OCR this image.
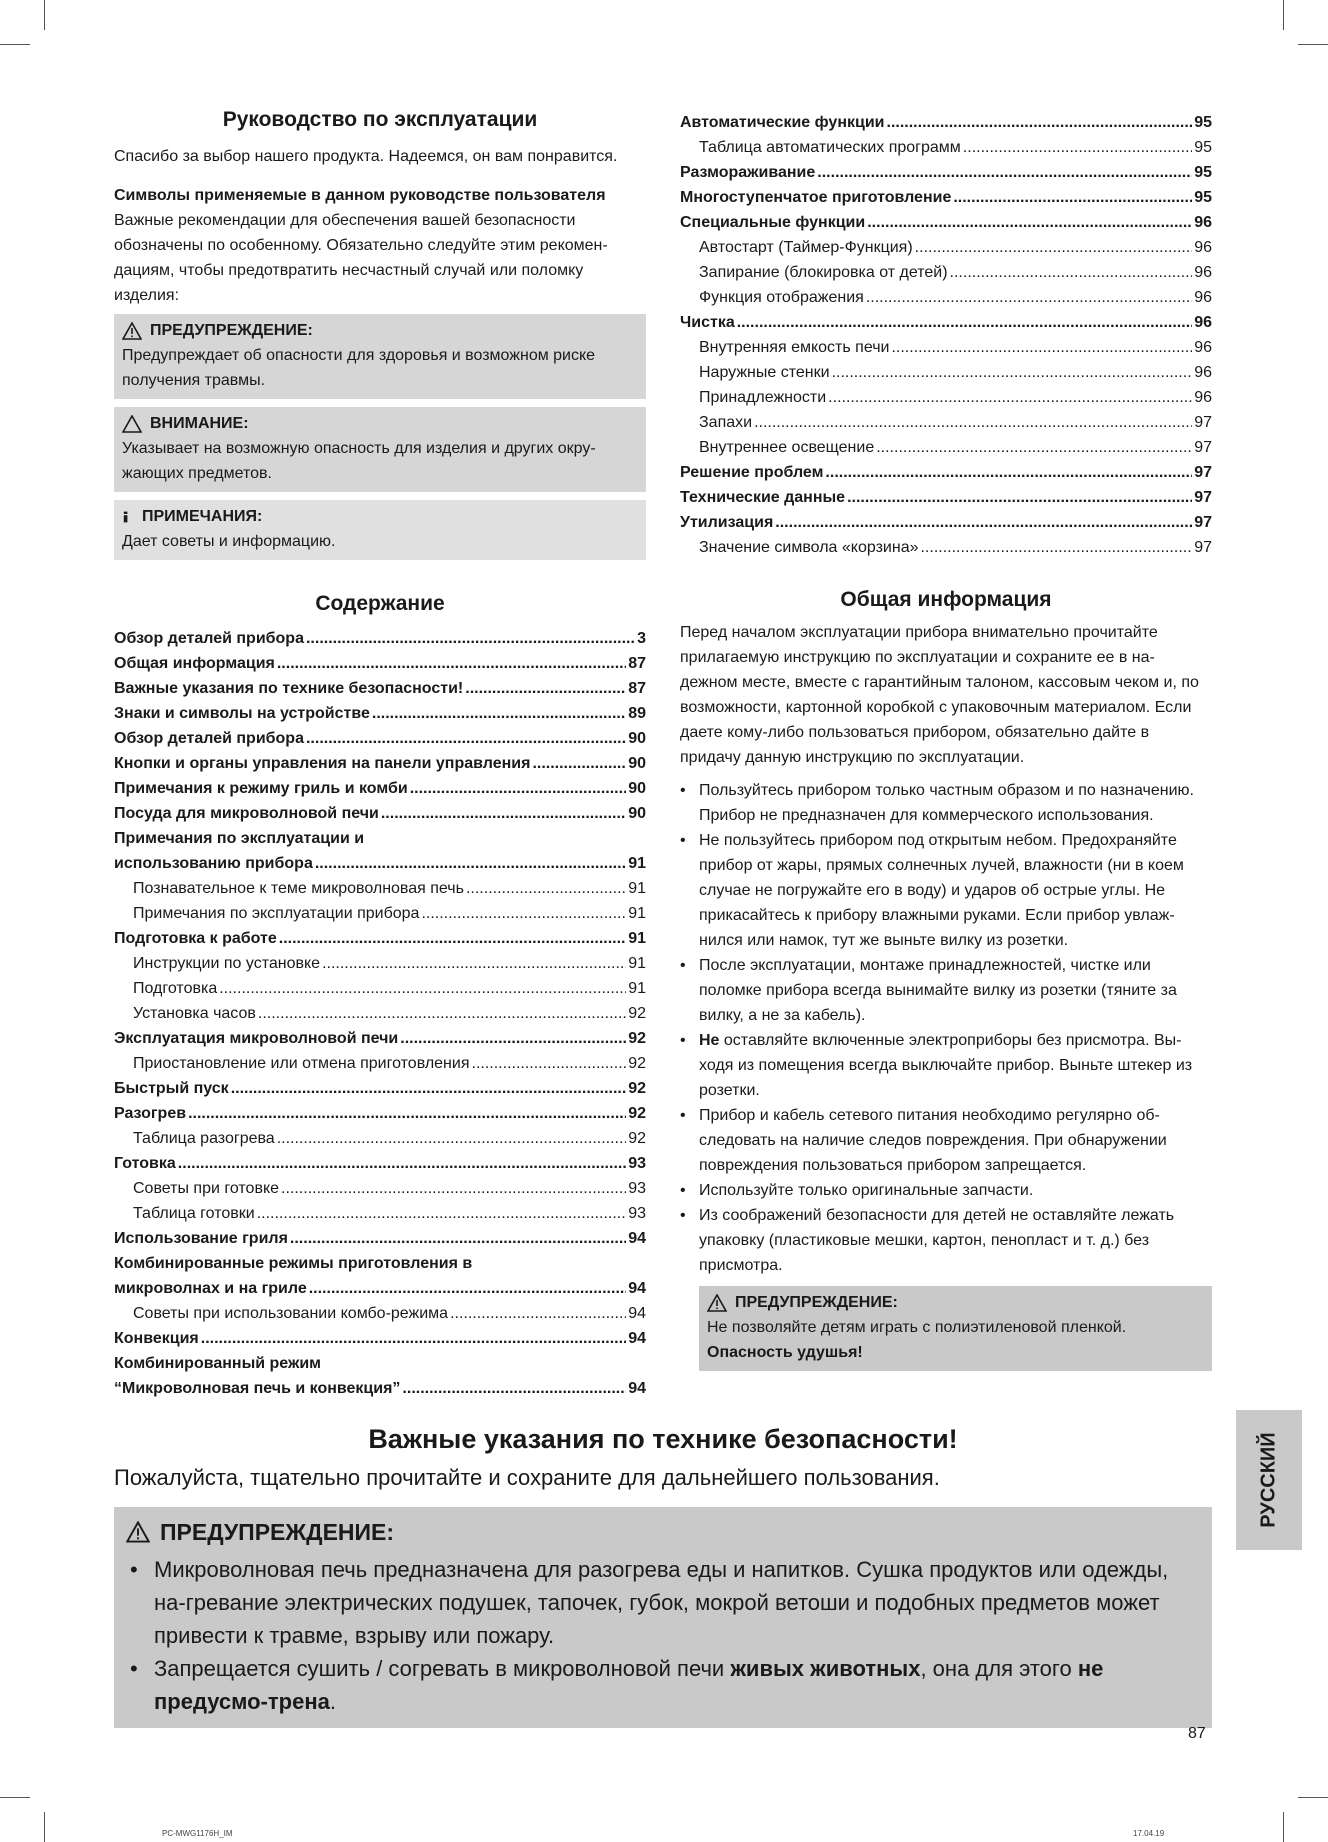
Руководство по эксплуатации

Спасибо за выбор нашего продукта. Надеемся, он вам понравится.

Символы применяемые в данном руководстве пользователя

Важные рекомендации для обеспечения вашей безопасности обозначены по особенному. Обязательно следуйте этим рекомен-дациям, чтобы предотвратить несчастный случай или поломку изделия:

ПРЕДУПРЕЖДЕНИЕ:
Предупреждает об опасности для здоровья и возможном риске получения травмы.
ВНИМАНИЕ:
Указывает на возможную опасность для изделия и других окру-жающих предметов.
ПРИМЕЧАНИЯ:
Дает советы и информацию.
Содержание
Обзор деталей прибора .....	3
Общая информация .....	87
Важные указания по технике безопасности! .....	87
Знаки и символы на устройстве .....	89
Обзор деталей прибора .....	90
Кнопки и органы управления на панели управления .....	90
Примечания к режиму гриль и комби .....	90
Посуда для микроволновой печи .....	90
Примечания по эксплуатации и
использованию прибора .....	91
Познавательное к теме микроволновая печь .....	91
Примечания по эксплуатации прибора .....	91
Подготовка к работе .....	91
Инструкции по установке .....	91
Подготовка .....	91
Установка часов .....	92
Эксплуатация микроволновой печи .....	92
Приостановление или отмена приготовления .....	92
Быстрый пуск .....	92
Разогрев .....	92
Таблица разогрева .....	92
Готовка .....	93
Советы при готовке .....	93
Таблица готовки .....	93
Использование гриля .....	94
Комбинированные режимы приготовления в
микроволнах и на гриле .....	94
Советы при использовании комбо-режима .....	94
Конвекция .....	94
Комбинированный режим
“Микроволновая печь и конвекция” .....	94
Автоматические функции .....	95
Таблица автоматических программ .....	95
Размораживание .....	95
Многоступенчатое приготовление .....	95
Специальные функции .....	96
Автостарт (Таймер-Функция) .....	96
Запирание (блокировка от детей) .....	96
Функция отображения .....	96
Чистка .....	96
Внутренняя емкость печи .....	96
Наружные стенки .....	96
Принадлежности .....	96
Запахи .....	97
Внутреннее освещение .....	97
Решение проблем .....	97
Технические данные .....	97
Утилизация .....	97
Значение символа «корзина» .....	97
Общая информация

Перед началом эксплуатации прибора внимательно прочитайте прилагаемую инструкцию по эксплуатации и сохраните ее в на-дежном месте, вместе с гарантийным талоном, кассовым чеком и, по возможности, картонной коробкой с упаковочным материалом. Если даете кому-либо пользоваться прибором, обязательно дайте в придачу данную инструкцию по эксплуатации.

• Пользуйтесь прибором только частным образом и по назначению. Прибор не предназначен для коммерческого использования.
• Не пользуйтесь прибором под открытым небом. Предохраняйте прибор от жары, прямых солнечных лучей, влажности (ни в коем случае не погружайте его в воду) и ударов об острые углы. Не прикасайтесь к прибору влажными руками. Если прибор увлаж-нился или намок, тут же выньте вилку из розетки.
• После эксплуатации, монтаже принадлежностей, чистке или поломке прибора всегда вынимайте вилку из розетки (тяните за вилку, а не за кабель).
• Не оставляйте включенные электроприборы без присмотра. Вы-ходя из помещения всегда выключайте прибор. Выньте штекер из розетки.
• Прибор и кабель сетевого питания необходимо регулярно об-следовать на наличие следов повреждения. При обнаружении повреждения пользоваться прибором запрещается.
• Используйте только оригинальные запчасти.
• Из соображений безопасности для детей не оставляйте лежать упаковку (пластиковые мешки, картон, пенопласт и т. д.) без присмотра.
ПРЕДУПРЕЖДЕНИЕ:
Не позволяйте детям играть с полиэтиленовой пленкой.
Опасность удушья!
Важные указания по технике безопасности!
Пожалуйста, тщательно прочитайте и сохраните для дальнейшего пользования.
ПРЕДУПРЕЖДЕНИЕ:
• Микроволновая печь предназначена для разогрева еды и напитков. Сушка продуктов или одежды, на-гревание электрических подушек, тапочек, губок, мокрой ветоши и подобных предметов может привести к травме, взрыву или пожару.
• Запрещается сушить / согревать в микроволновой печи живых животных, она для этого не предусмо-трена.
РУССКИЙ
87
PC-MWG1176H_IM	17.04.19
